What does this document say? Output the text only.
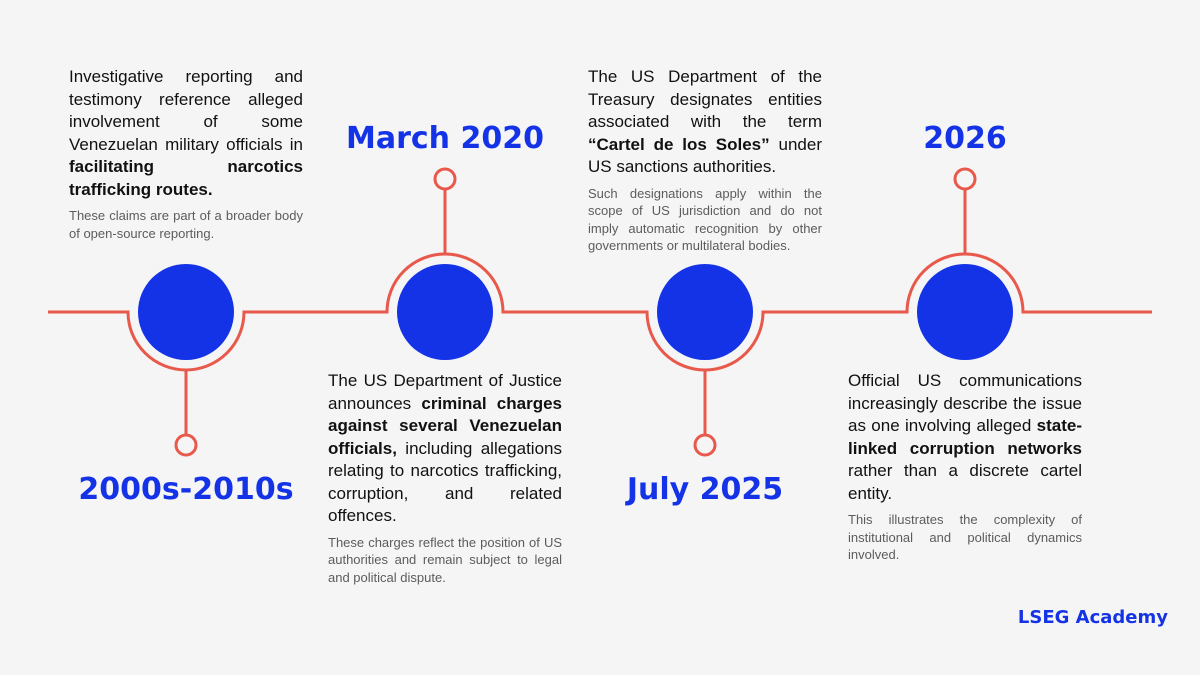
2000s-2010s

March 2020

July 2025

2026

Investigative reporting and testimony reference alleged involvement of some Venezuelan military officials in facilitating narcotics trafficking routes.

These claims are part of a broader body of open-source reporting.

The US Department of Justice announces criminal charges against several Venezuelan officials, including allegations relating to narcotics trafficking, corruption, and related offences.

These charges reflect the position of US authorities and remain subject to legal and political dispute.

The US Department of the Treasury designates entities associated with the term “Cartel de los Soles” under US sanctions authorities.

Such designations apply within the scope of US jurisdiction and do not imply automatic recognition by other governments or multilateral bodies.

Official US communications increasingly describe the issue as one involving alleged state-linked corruption networks rather than a discrete cartel entity.

This illustrates the complexity of institutional and political dynamics involved.

LSEG Academy
